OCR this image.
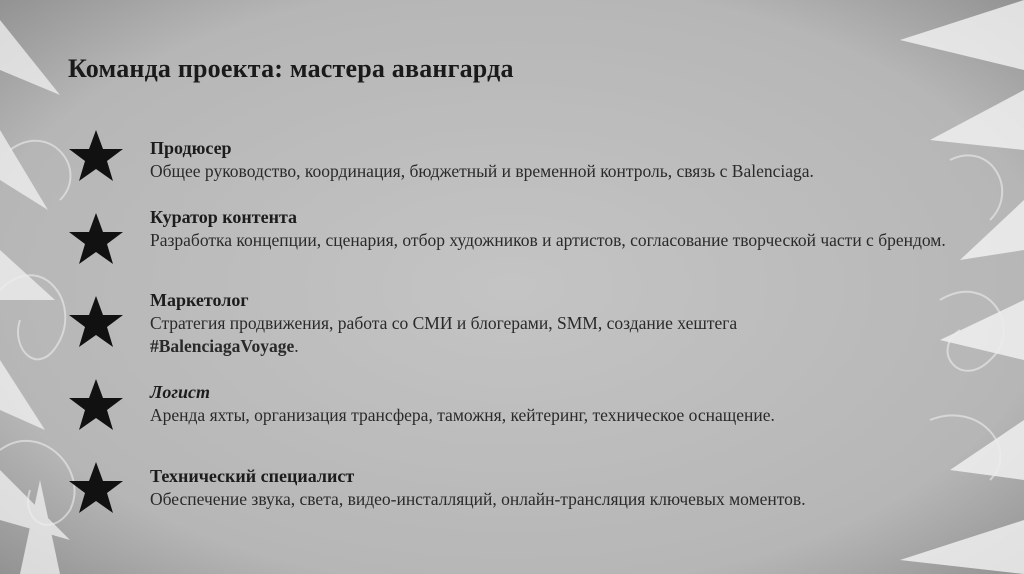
Команда проекта: мастера авангарда
Продюсер
Общее руководство, координация, бюджетный и временной контроль, связь с Balenciaga.
Куратор контента
Разработка концепции, сценария, отбор художников и артистов, согласование творческой части с брендом.
Маркетолог
Стратегия продвижения, работа со СМИ и блогерами, SMM, создание хештега
#BalenciagaVoyage.
Логист
Аренда яхты, организация трансфера, таможня, кейтеринг, техническое оснащение.
Технический специалист
Обеспечение звука, света, видео-инсталляций, онлайн-трансляция ключевых моментов.
